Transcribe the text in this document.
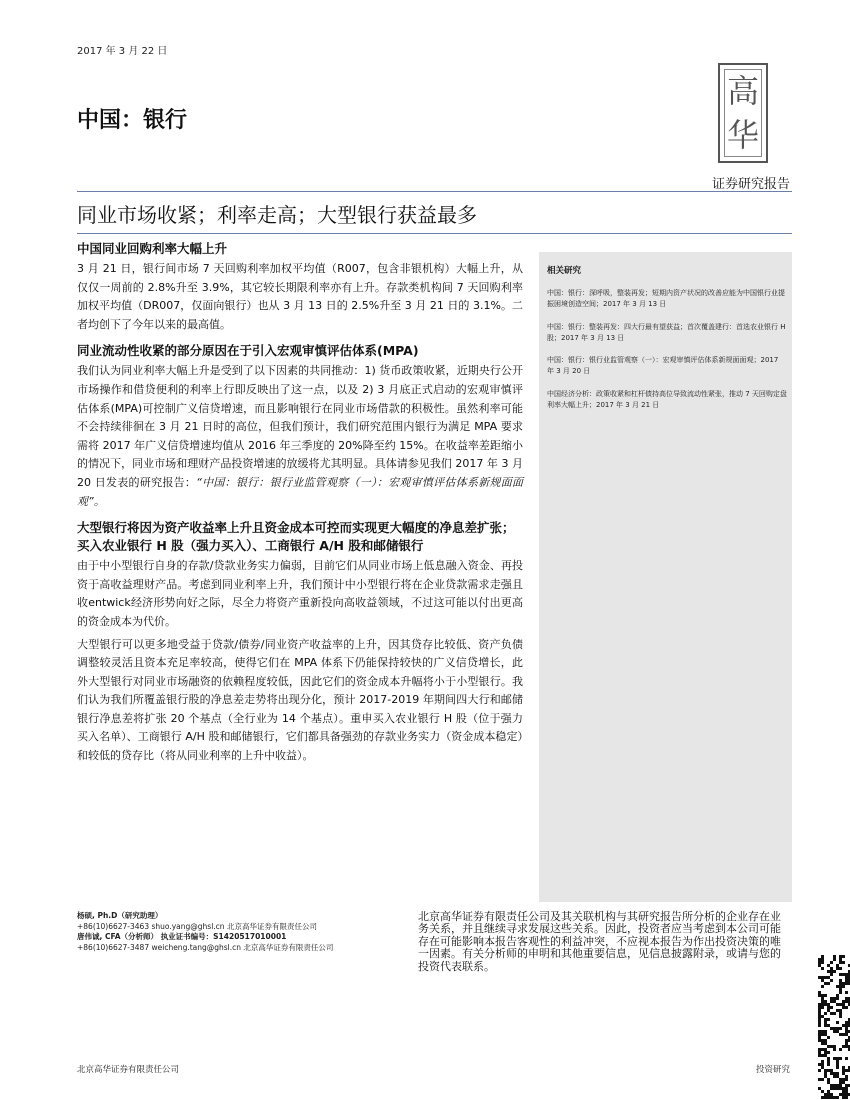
2017 年 3 月 22 日
高
华
中国：银行
证券研究报告
同业市场收紧；利率走高；大型银行获益最多
中国同业回购利率大幅上升
3 月 21 日，银行间市场 7 天回购利率加权平均值（R007，包含非银机构）大幅上升，从仅仅一周前的 2.8%升至 3.9%，其它较长期限利率亦有上升。存款类机构间 7 天回购利率加权平均值（DR007，仅面向银行）也从 3 月 13 日的 2.5%升至 3 月 21 日的 3.1%。二者均创下了今年以来的最高值。
同业流动性收紧的部分原因在于引入宏观审慎评估体系(MPA)
我们认为同业利率大幅上升是受到了以下因素的共同推动：1) 货币政策收紧，近期央行公开市场操作和借贷便利的利率上行即反映出了这一点，以及 2) 3 月底正式启动的宏观审慎评估体系(MPA)可控制广义信贷增速，而且影响银行在同业市场借款的积极性。虽然利率可能不会持续徘徊在 3 月 21 日时的高位，但我们预计，我们研究范围内银行为满足 MPA 要求需将 2017 年广义信贷增速均值从 2016 年三季度的 20%降至约 15%。在收益率差距缩小的情况下，同业市场和理财产品投资增速的放缓将尤其明显。具体请参见我们 2017 年 3 月 20 日发表的研究报告：“中国：银行：银行业监管观察（一）：宏观审慎评估体系新规面面观”。
大型银行将因为资产收益率上升且资金成本可控而实现更大幅度的净息差扩张；买入农业银行 H 股（强力买入）、工商银行 A/H 股和邮储银行
由于中小型银行自身的存款/贷款业务实力偏弱，目前它们从同业市场上低息融入资金、再投资于高收益理财产品。考虑到同业利率上升，我们预计中小型银行将在企业贷款需求走强且收entwick经济形势向好之际，尽全力将资产重新投向高收益领域，不过这可能以付出更高的资金成本为代价。
大型银行可以更多地受益于贷款/债券/同业资产收益率的上升，因其贷存比较低、资产负债调整较灵活且资本充足率较高，使得它们在 MPA 体系下仍能保持较快的广义信贷增长，此外大型银行对同业市场融资的依赖程度较低，因此它们的资金成本升幅将小于小型银行。我们认为我们所覆盖银行股的净息差走势将出现分化，预计 2017-2019 年期间四大行和邮储银行净息差将扩张 20 个基点（全行业为 14 个基点）。重申买入农业银行 H 股（位于强力买入名单）、工商银行 A/H 股和邮储银行，它们都具备强劲的存款业务实力（资金成本稳定）和较低的贷存比（将从同业利率的上升中收益）。
相关研究
中国：银行：深呼吸，整装再发；短期内资产状况的改善应能为中国银行业提振困境创造空间；2017 年 3 月 13 日
中国：银行：整装再发：四大行最有望获益；首次覆盖建行：首选农业银行 H 股；2017 年 3 月 13 日
中国：银行：银行业监管观察（一）：宏观审慎评估体系新规面面观；2017 年 3 月 20 日
中国经济分析：政策收紧和杠杆债持高位导致流动性紧张，推动 7 天回购定盘利率大幅上升；2017 年 3 月 21 日
杨硕, Ph.D（研究助理）
+86(10)6627-3463 shuo.yang@ghsl.cn 北京高华证券有限责任公司
唐伟诚, CFA（分析师） 执业证书编号：S1420517010001
+86(10)6627-3487 weicheng.tang@ghsl.cn 北京高华证券有限责任公司
北京高华证券有限责任公司及其关联机构与其研究报告所分析的企业存在业务关系，并且继续寻求发展这些关系。因此，投资者应当考虑到本公司可能存在可能影响本报告客观性的利益冲突，不应视本报告为作出投资决策的唯一因素。有关分析师的申明和其他重要信息，见信息披露附录，或请与您的投资代表联系。
北京高华证券有限责任公司	投资研究
